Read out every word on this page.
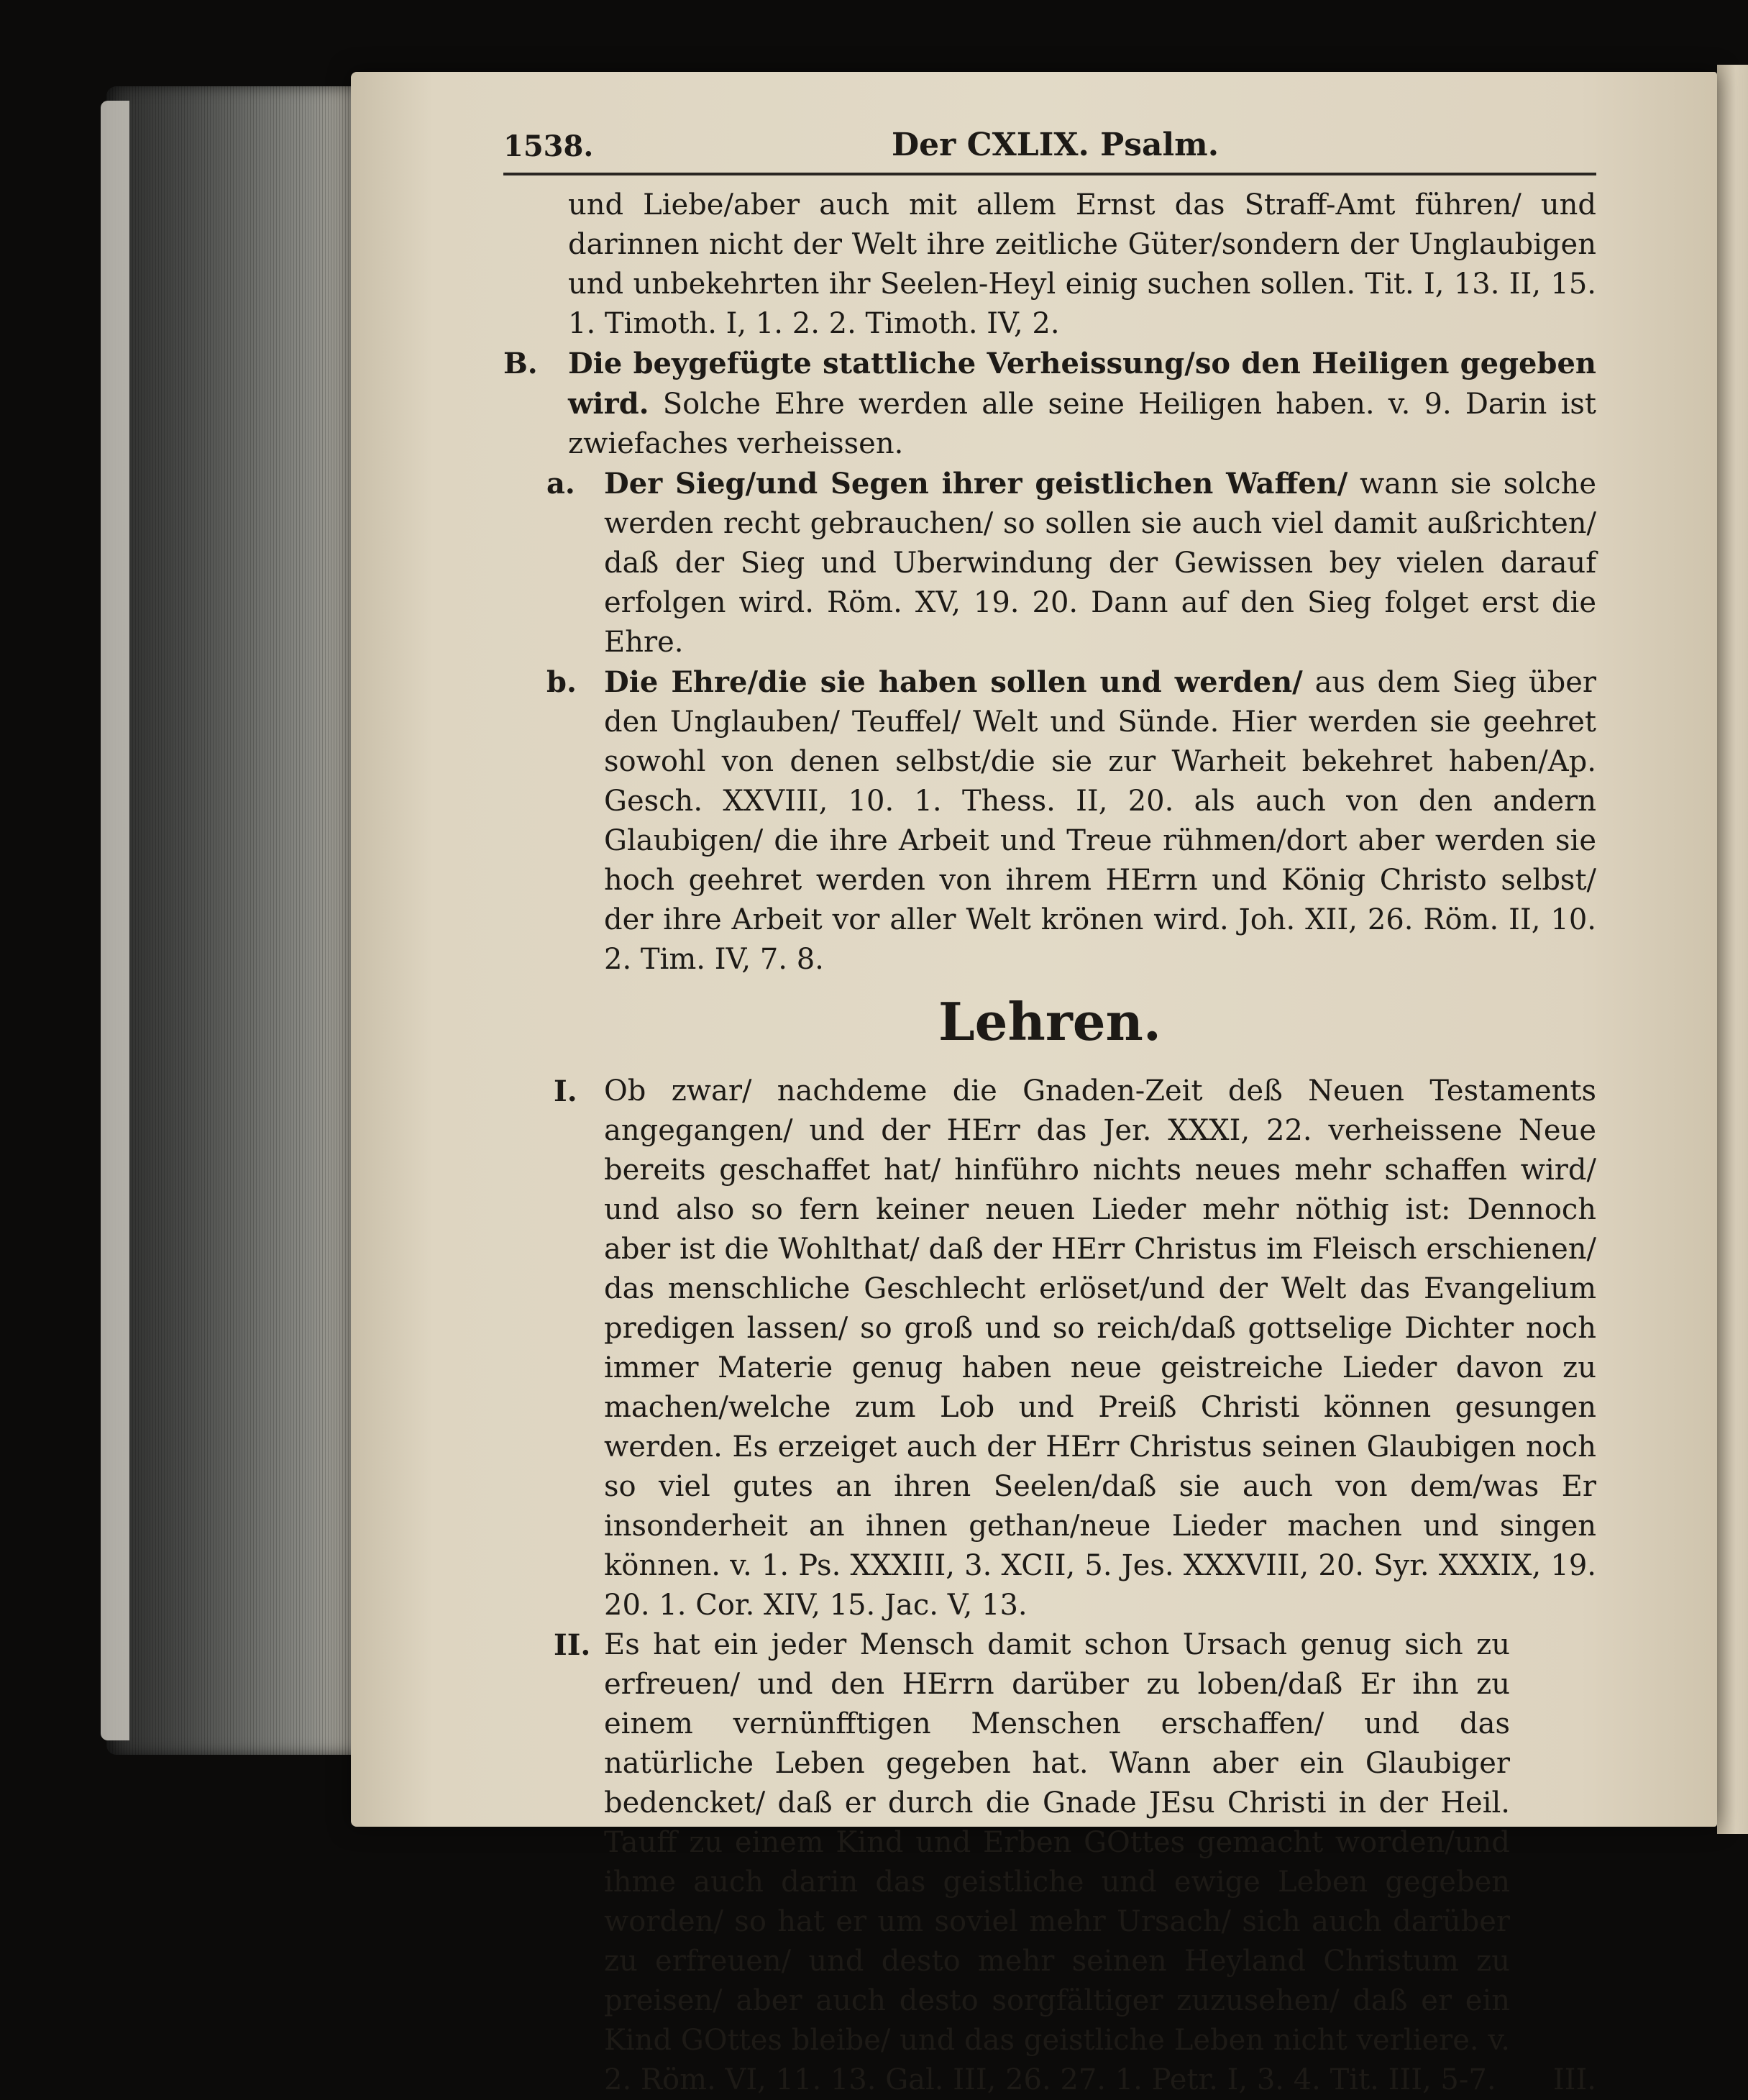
1538.	Der CXLIX. Psalm.

und Liebe/aber auch mit allem Ernst das Straff-Amt führen/ und darinnen nicht der Welt ihre zeitliche Güter/sondern der Unglaubigen und unbekehrten ihr Seelen-Heyl einig suchen sollen. Tit. I, 13. II, 15. 1. Timoth. I, 1. 2. 2. Timoth. IV, 2.

B.	Die beygefügte stattliche Verheissung/so den Heiligen gegeben wird. Solche Ehre werden alle seine Heiligen haben. v. 9. Darin ist zwiefaches verheissen.
a.	Der Sieg/und Segen ihrer geistlichen Waffen/ wann sie solche werden recht gebrauchen/ so sollen sie auch viel damit außrichten/ daß der Sieg und Uberwindung der Gewissen bey vielen darauf erfolgen wird. Röm. XV, 19. 20. Dann auf den Sieg folget erst die Ehre.
b. Die Ehre/die sie haben sollen und werden/ aus dem Sieg über den Unglauben/ Teuffel/ Welt und Sünde. Hier werden sie geehret sowohl von denen selbst/die sie zur Warheit bekehret haben/Ap. Gesch. XXVIII, 10. 1. Thess. II, 20. als auch von den andern Glaubigen/ die ihre Arbeit und Treue rühmen/dort aber werden sie hoch geehret werden von ihrem HErrn und König Christo selbst/ der ihre Arbeit vor aller Welt krönen wird. Joh. XII, 26. Röm. II, 10. 2. Tim. IV, 7. 8.
Lehren.
I. Ob zwar/ nachdeme die Gnaden-Zeit deß Neuen Testaments angegangen/ und der HErr das Jer. XXXI, 22. verheissene Neue bereits geschaffet hat/ hinführo nichts neues mehr schaffen wird/ und also so fern keiner neuen Lieder mehr nöthig ist: Dennoch aber ist die Wohlthat/ daß der HErr Christus im Fleisch erschienen/ das menschliche Geschlecht erlöset/und der Welt das Evangelium predigen lassen/ so groß und so reich/daß gottselige Dichter noch immer Materie genug haben neue geistreiche Lieder davon zu machen/welche zum Lob und Preiß Christi können gesungen werden. Es erzeiget auch der HErr Christus seinen Glaubigen noch so viel gutes an ihren Seelen/daß sie auch von dem/was Er insonderheit an ihnen gethan/neue Lieder machen und singen können. v. 1. Ps. XXXIII, 3. XCII, 5. Jes. XXXVIII, 20. Syr. XXXIX, 19. 20. 1. Cor. XIV, 15. Jac. V, 13.
II. Es hat ein jeder Mensch damit schon Ursach genug sich zu erfreuen/ und den HErrn darüber zu loben/daß Er ihn zu einem vernünfftigen Menschen erschaffen/ und das natürliche Leben gegeben hat. Wann aber ein Glaubiger bedencket/ daß er durch die Gnade JEsu Christi in der Heil. Tauff zu einem Kind und Erben GOttes gemacht worden/und ihme auch darin das geistliche und ewige Leben gegeben worden/ so hat er um soviel mehr Ursach/ sich auch darüber zu erfreuen/ und desto mehr seinen Heyland Christum zu preisen/ aber auch desto sorgfältiger zuzusehen/ daß er ein Kind GOttes bleibe/ und das geistliche Leben nicht verliere. v. 2. Röm. VI, 11. 13. Gal. III, 26. 27. 1. Petr. I, 3. 4. Tit. III, 5-7.	III.
